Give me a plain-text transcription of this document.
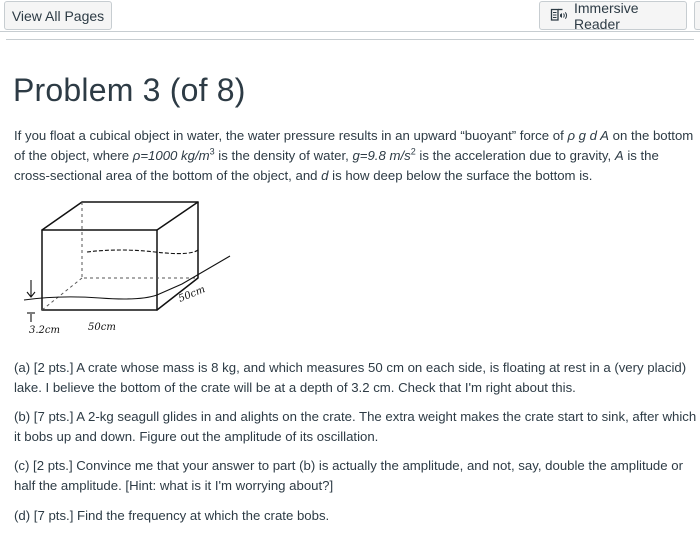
View All Pages	Immersive Reader
Problem 3 (of 8)

If you float a cubical object in water, the water pressure results in an upward “buoyant” force of ρ g d A on the bottom of the object, where ρ=1000 $kg/m^3$ is the density of water, g=9.8 $m/s^2$ is the acceleration due to gravity, A is the cross-sectional area of the bottom of the object, and d is how deep below the surface the bottom is.

3.2cm	50cm
50cm

(a) [2 pts.] A crate whose mass is 8 kg, and which measures 50 cm on each side, is floating at rest in a (very placid) lake. I believe the bottom of the crate will be at a depth of 3.2 cm. Check that I'm right about this.

(b) [7 pts.] A 2-kg seagull glides in and alights on the crate. The extra weight makes the crate start to sink, after which it bobs up and down. Figure out the amplitude of its oscillation.

(c) [2 pts.] Convince me that your answer to part (b) is actually the amplitude, and not, say, double the amplitude or half the amplitude. [Hint: what is it I'm worrying about?]

(d) [7 pts.] Find the frequency at which the crate bobs.
